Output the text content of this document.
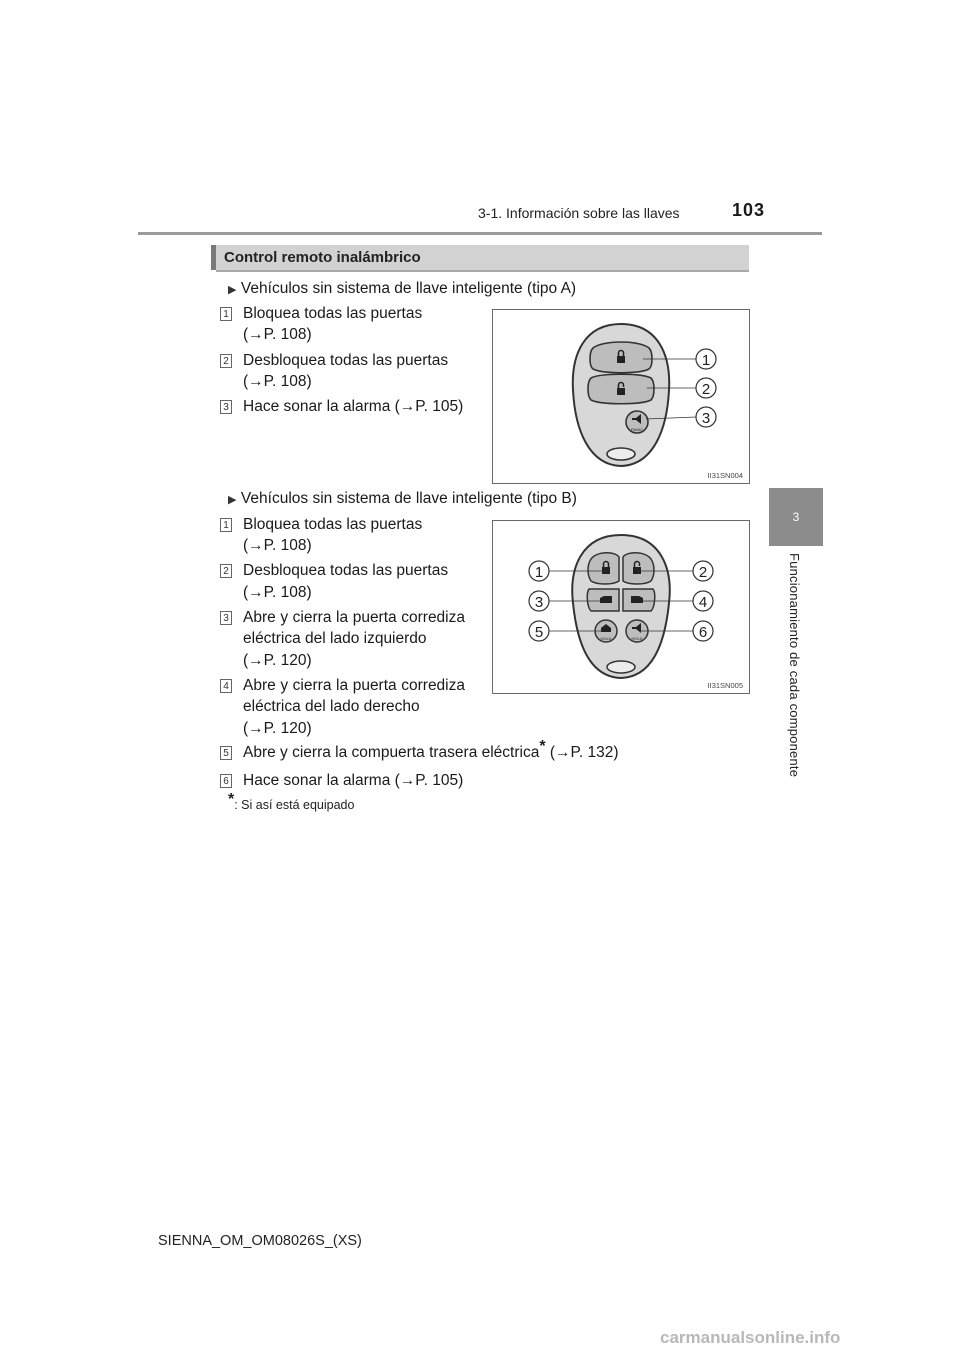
3-1. Información sobre las llaves	103
3
Funcionamiento de cada componente
Control remoto inalámbrico
▶ Vehículos sin sistema de llave inteligente (tipo A)
1 Bloquea todas las puertas
(→P. 108)
2 Desbloquea todas las puertas
(→P. 108)
3 Hace sonar la alarma (→P. 105)
PANIC
1
2
3
II31SN004
▶ Vehículos sin sistema de llave inteligente (tipo B)
1 Bloquea todas las puertas
(→P. 108)
2 Desbloquea todas las puertas
(→P. 108)
3 Abre y cierra la puerta corrediza
eléctrica del lado izquierdo
(→P. 120)
4 Abre y cierra la puerta corrediza
eléctrica del lado derecho
(→P. 120)
5 Abre y cierra la compuerta trasera eléctrica* (→P. 132)
6 Hace sonar la alarma (→P. 105)
HOLD	HOLD
1	2
3	4
5	6
II31SN005
*: Si así está equipado
SIENNA_OM_OM08026S_(XS)
carmanualsonline.info
